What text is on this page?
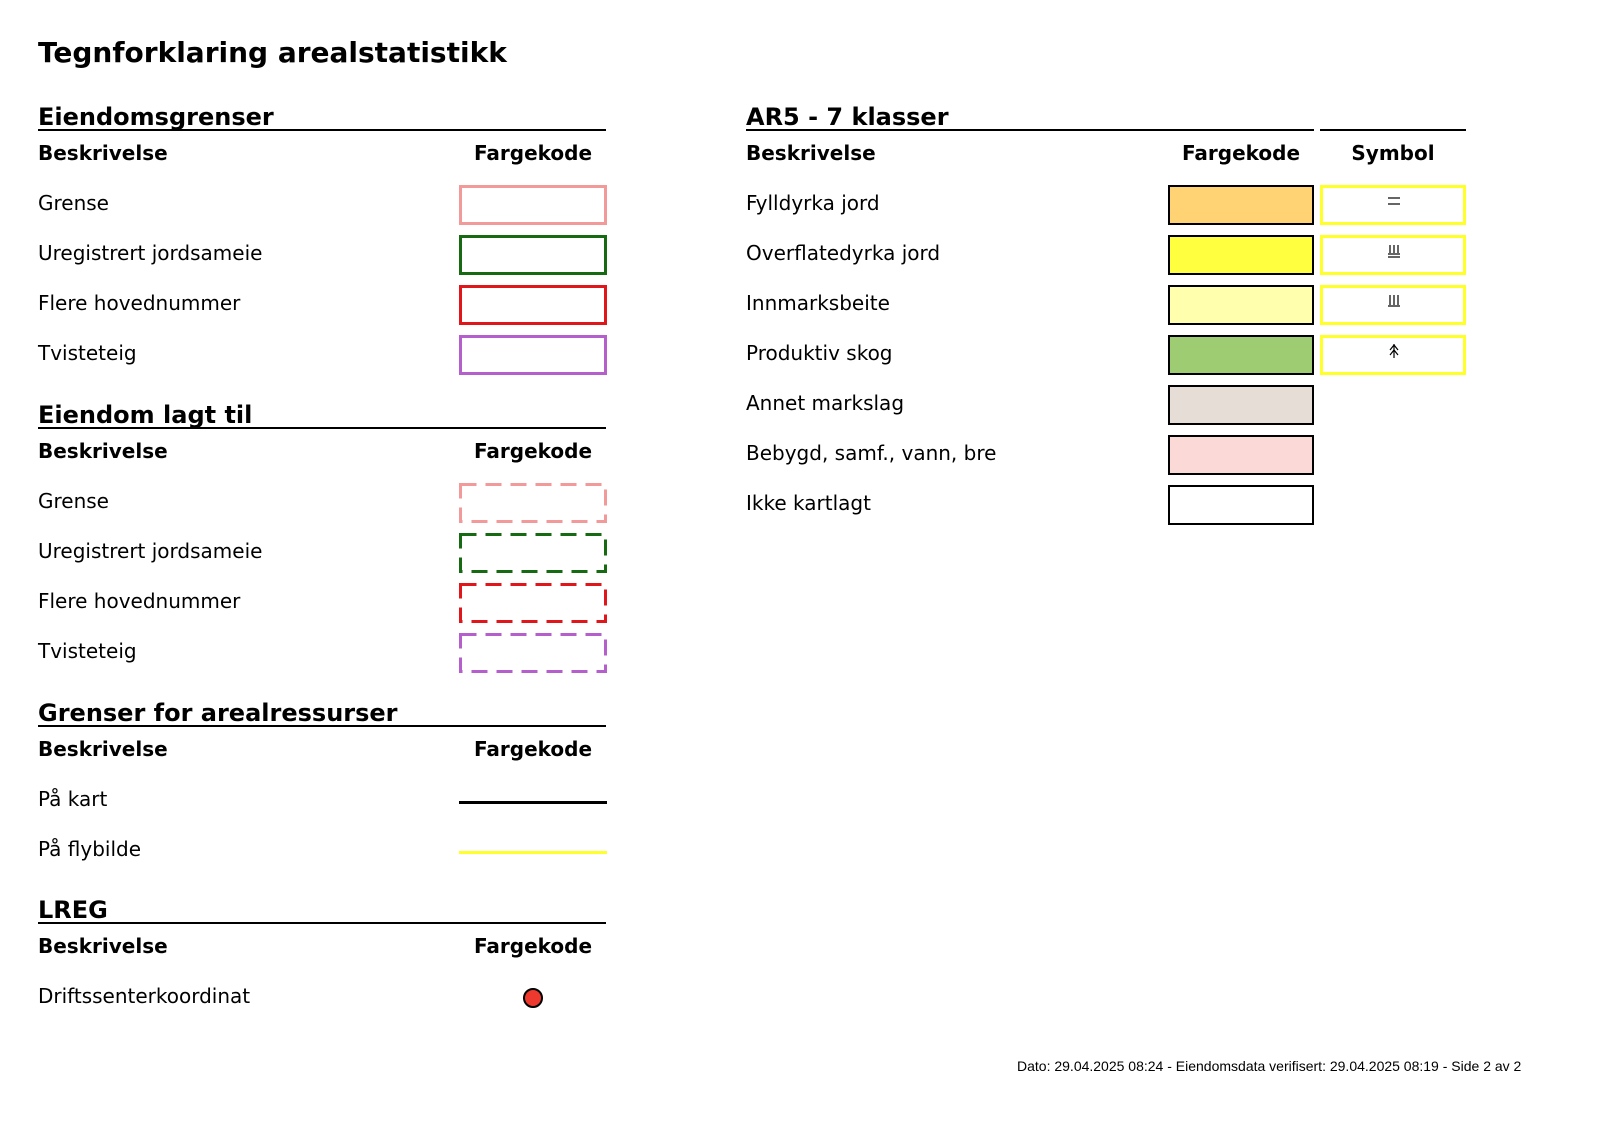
Tegnforklaring arealstatistikk
Eiendomsgrenser
Beskrivelse	Fargekode
Grense
Uregistrert jordsameie
Flere hovednummer
Tvisteteig
Eiendom lagt til
Beskrivelse	Fargekode
Grense
Uregistrert jordsameie
Flere hovednummer
Tvisteteig
Grenser for arealressurser
Beskrivelse	Fargekode
På kart
På flybilde
LREG
Beskrivelse	Fargekode
Driftssenterkoordinat
AR5 - 7 klasser
Beskrivelse	Fargekode	Symbol
Fylldyrka jord
Overflatedyrka jord
Innmarksbeite
Produktiv skog
Annet markslag
Bebygd, samf., vann, bre
Ikke kartlagt
Dato: 29.04.2025 08:24 - Eiendomsdata verifisert: 29.04.2025 08:19 - Side 2 av 2
